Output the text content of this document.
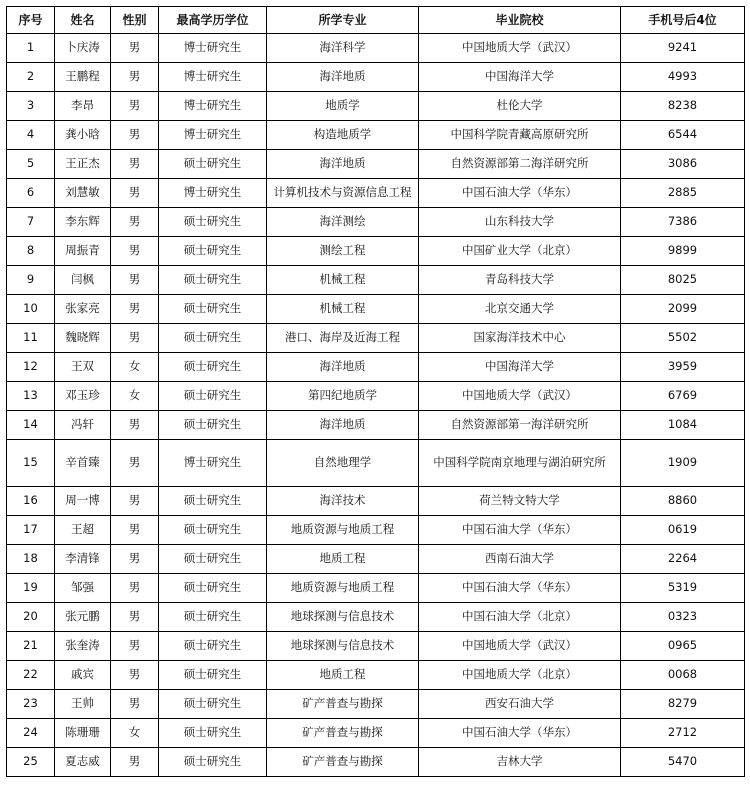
序号	姓名	性别	最高学历学位	所学专业	毕业院校	手机号后4位
1	卜庆涛	男	博士研究生	海洋科学	中国地质大学（武汉）	9241
2	王鹏程	男	博士研究生	海洋地质	中国海洋大学	4993
3	李昂	男	博士研究生	地质学	杜伦大学	8238
4	龚小晗	男	博士研究生	构造地质学	中国科学院青藏高原研究所	6544
5	王正杰	男	硕士研究生	海洋地质	自然资源部第二海洋研究所	3086
6	刘慧敏	男	博士研究生	计算机技术与资源信息工程	中国石油大学（华东）	2885
7	李东辉	男	硕士研究生	海洋测绘	山东科技大学	7386
8	周振青	男	硕士研究生	测绘工程	中国矿业大学（北京）	9899
9	闫枫	男	硕士研究生	机械工程	青岛科技大学	8025
10	张家亮	男	硕士研究生	机械工程	北京交通大学	2099
11	魏晓辉	男	硕士研究生	港口、海岸及近海工程	国家海洋技术中心	5502
12	王双	女	硕士研究生	海洋地质	中国海洋大学	3959
13	邓玉珍	女	硕士研究生	第四纪地质学	中国地质大学（武汉）	6769
14	冯轩	男	硕士研究生	海洋地质	自然资源部第一海洋研究所	1084
15	辛首臻	男	博士研究生	自然地理学	中国科学院南京地理与湖泊研究所	1909
16	周一博	男	硕士研究生	海洋技术	荷兰特文特大学	8860
17	王超	男	硕士研究生	地质资源与地质工程	中国石油大学（华东）	0619
18	李清锋	男	硕士研究生	地质工程	西南石油大学	2264
19	邹强	男	硕士研究生	地质资源与地质工程	中国石油大学（华东）	5319
20	张元鹏	男	硕士研究生	地球探测与信息技术	中国石油大学（北京）	0323
21	张奎涛	男	硕士研究生	地球探测与信息技术	中国地质大学（武汉）	0965
22	戚宾	男	硕士研究生	地质工程	中国地质大学（北京）	0068
23	王帅	男	硕士研究生	矿产普查与勘探	西安石油大学	8279
24	陈珊珊	女	硕士研究生	矿产普查与勘探	中国石油大学（华东）	2712
25	夏志威	男	硕士研究生	矿产普查与勘探	吉林大学	5470
